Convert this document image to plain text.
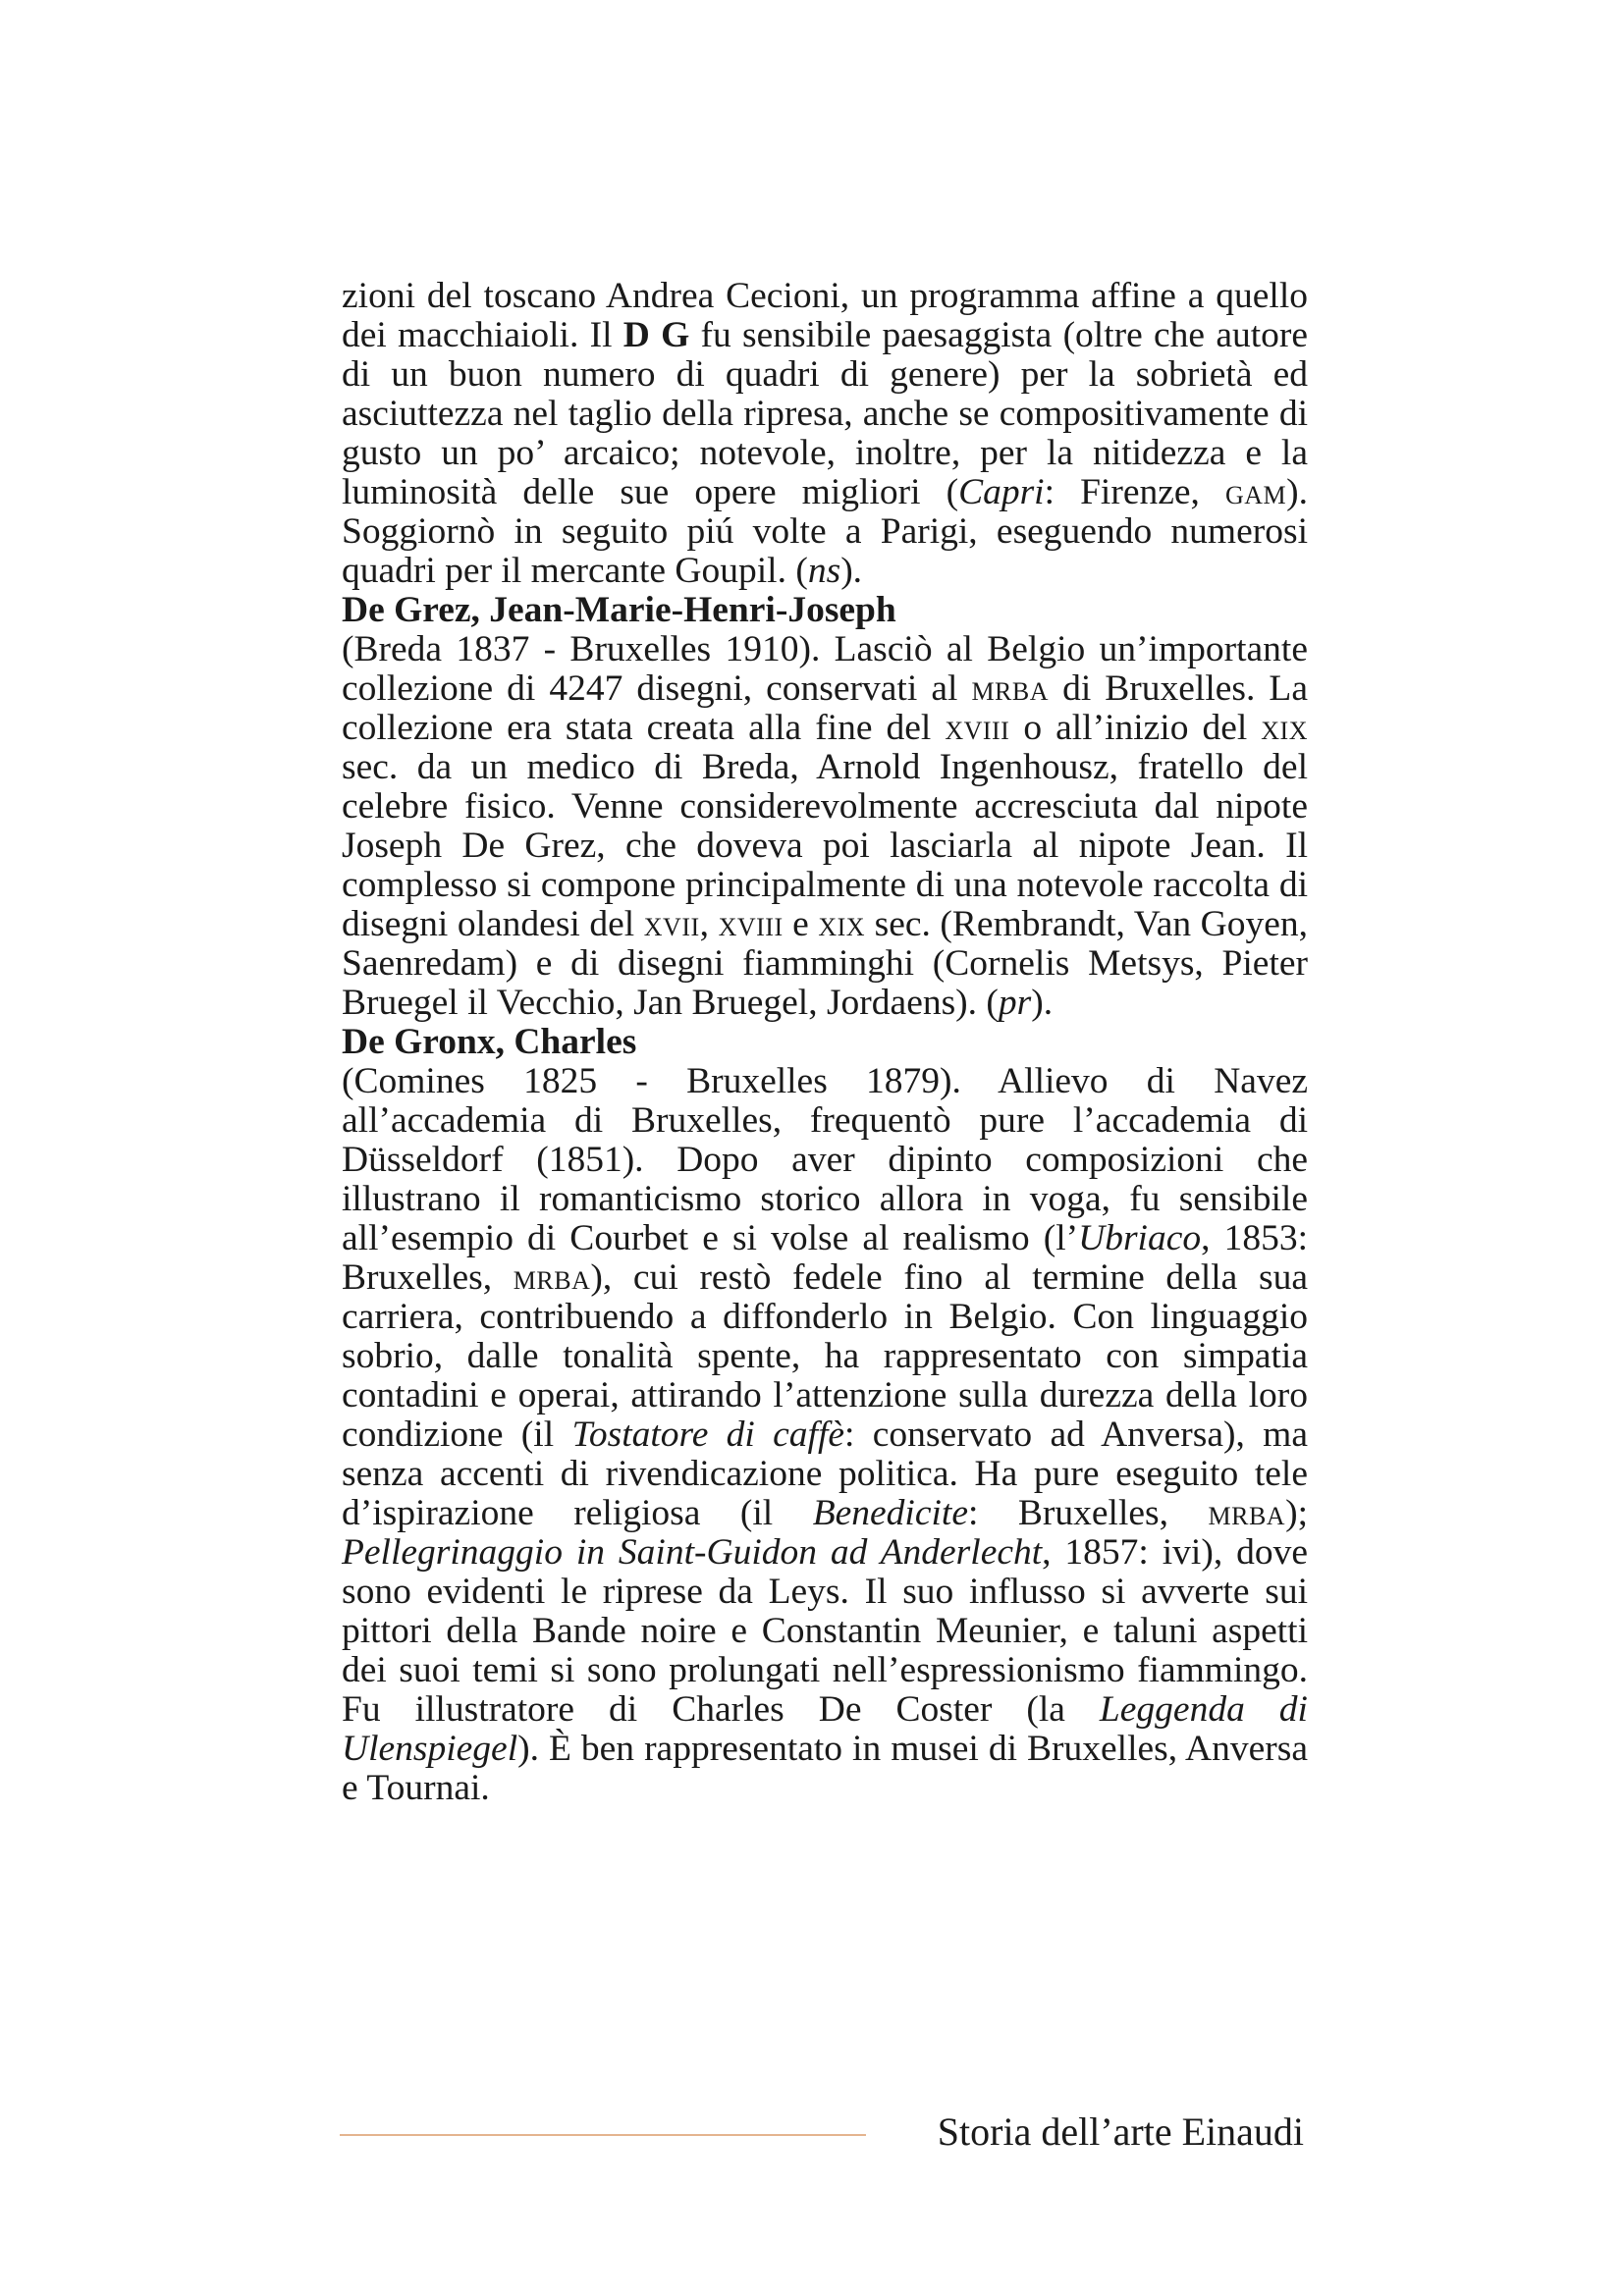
zioni del toscano Andrea Cecioni, un programma affine a quello dei macchiaioli. Il D G fu sensibile paesaggista (oltre che autore di un buon numero di quadri di genere) per la sobrietà ed asciuttezza nel taglio della ripresa, anche se compositivamente di gusto un po’ arcaico; notevole, inoltre, per la nitidezza e la luminosità delle sue opere migliori (Capri: Firenze, gam). Soggiornò in seguito piú volte a Parigi, eseguendo numerosi quadri per il mercante Goupil. (ns).

De Grez, Jean-Marie-Henri-Joseph

(Breda 1837 - Bruxelles 1910). Lasciò al Belgio un’importante collezione di 4247 disegni, conservati al mrba di Bruxelles. La collezione era stata creata alla fine del xviii o all’inizio del xix sec. da un medico di Breda, Arnold Ingenhousz, fratello del celebre fisico. Venne considerevolmente accresciuta dal nipote Joseph De Grez, che doveva poi lasciarla al nipote Jean. Il complesso si compone principalmente di una notevole raccolta di disegni olandesi del xvii, xviii e xix sec. (Rembrandt, Van Goyen, Saenredam) e di disegni fiamminghi (Cornelis Metsys, Pieter Bruegel il Vecchio, Jan Bruegel, Jordaens). (pr).

De Gronx, Charles

(Comines 1825 - Bruxelles 1879). Allievo di Navez all’accademia di Bruxelles, frequentò pure l’accademia di Düsseldorf (1851). Dopo aver dipinto composizioni che illustrano il romanticismo storico allora in voga, fu sensibile all’esempio di Courbet e si volse al realismo (l’Ubriaco, 1853: Bruxelles, mrba), cui restò fedele fino al termine della sua carriera, contribuendo a diffonderlo in Belgio. Con linguaggio sobrio, dalle tonalità spente, ha rappresentato con simpatia contadini e operai, attirando l’attenzione sulla durezza della loro condizione (il Tostatore di caffè: conservato ad Anversa), ma senza accenti di rivendicazione politica. Ha pure eseguito tele d’ispirazione religiosa (il Benedicite: Bruxelles, mrba); Pellegrinaggio in Saint-Guidon ad Anderlecht, 1857: ivi), dove sono evidenti le riprese da Leys. Il suo influsso si avverte sui pittori della Bande noire e Constantin Meunier, e taluni aspetti dei suoi temi si sono prolungati nell’espressionismo fiammingo. Fu illustratore di Charles De Coster (la Leggenda di Ulenspiegel). È ben rappresentato in musei di Bruxelles, Anversa e Tournai.

Storia dell’arte Einaudi
